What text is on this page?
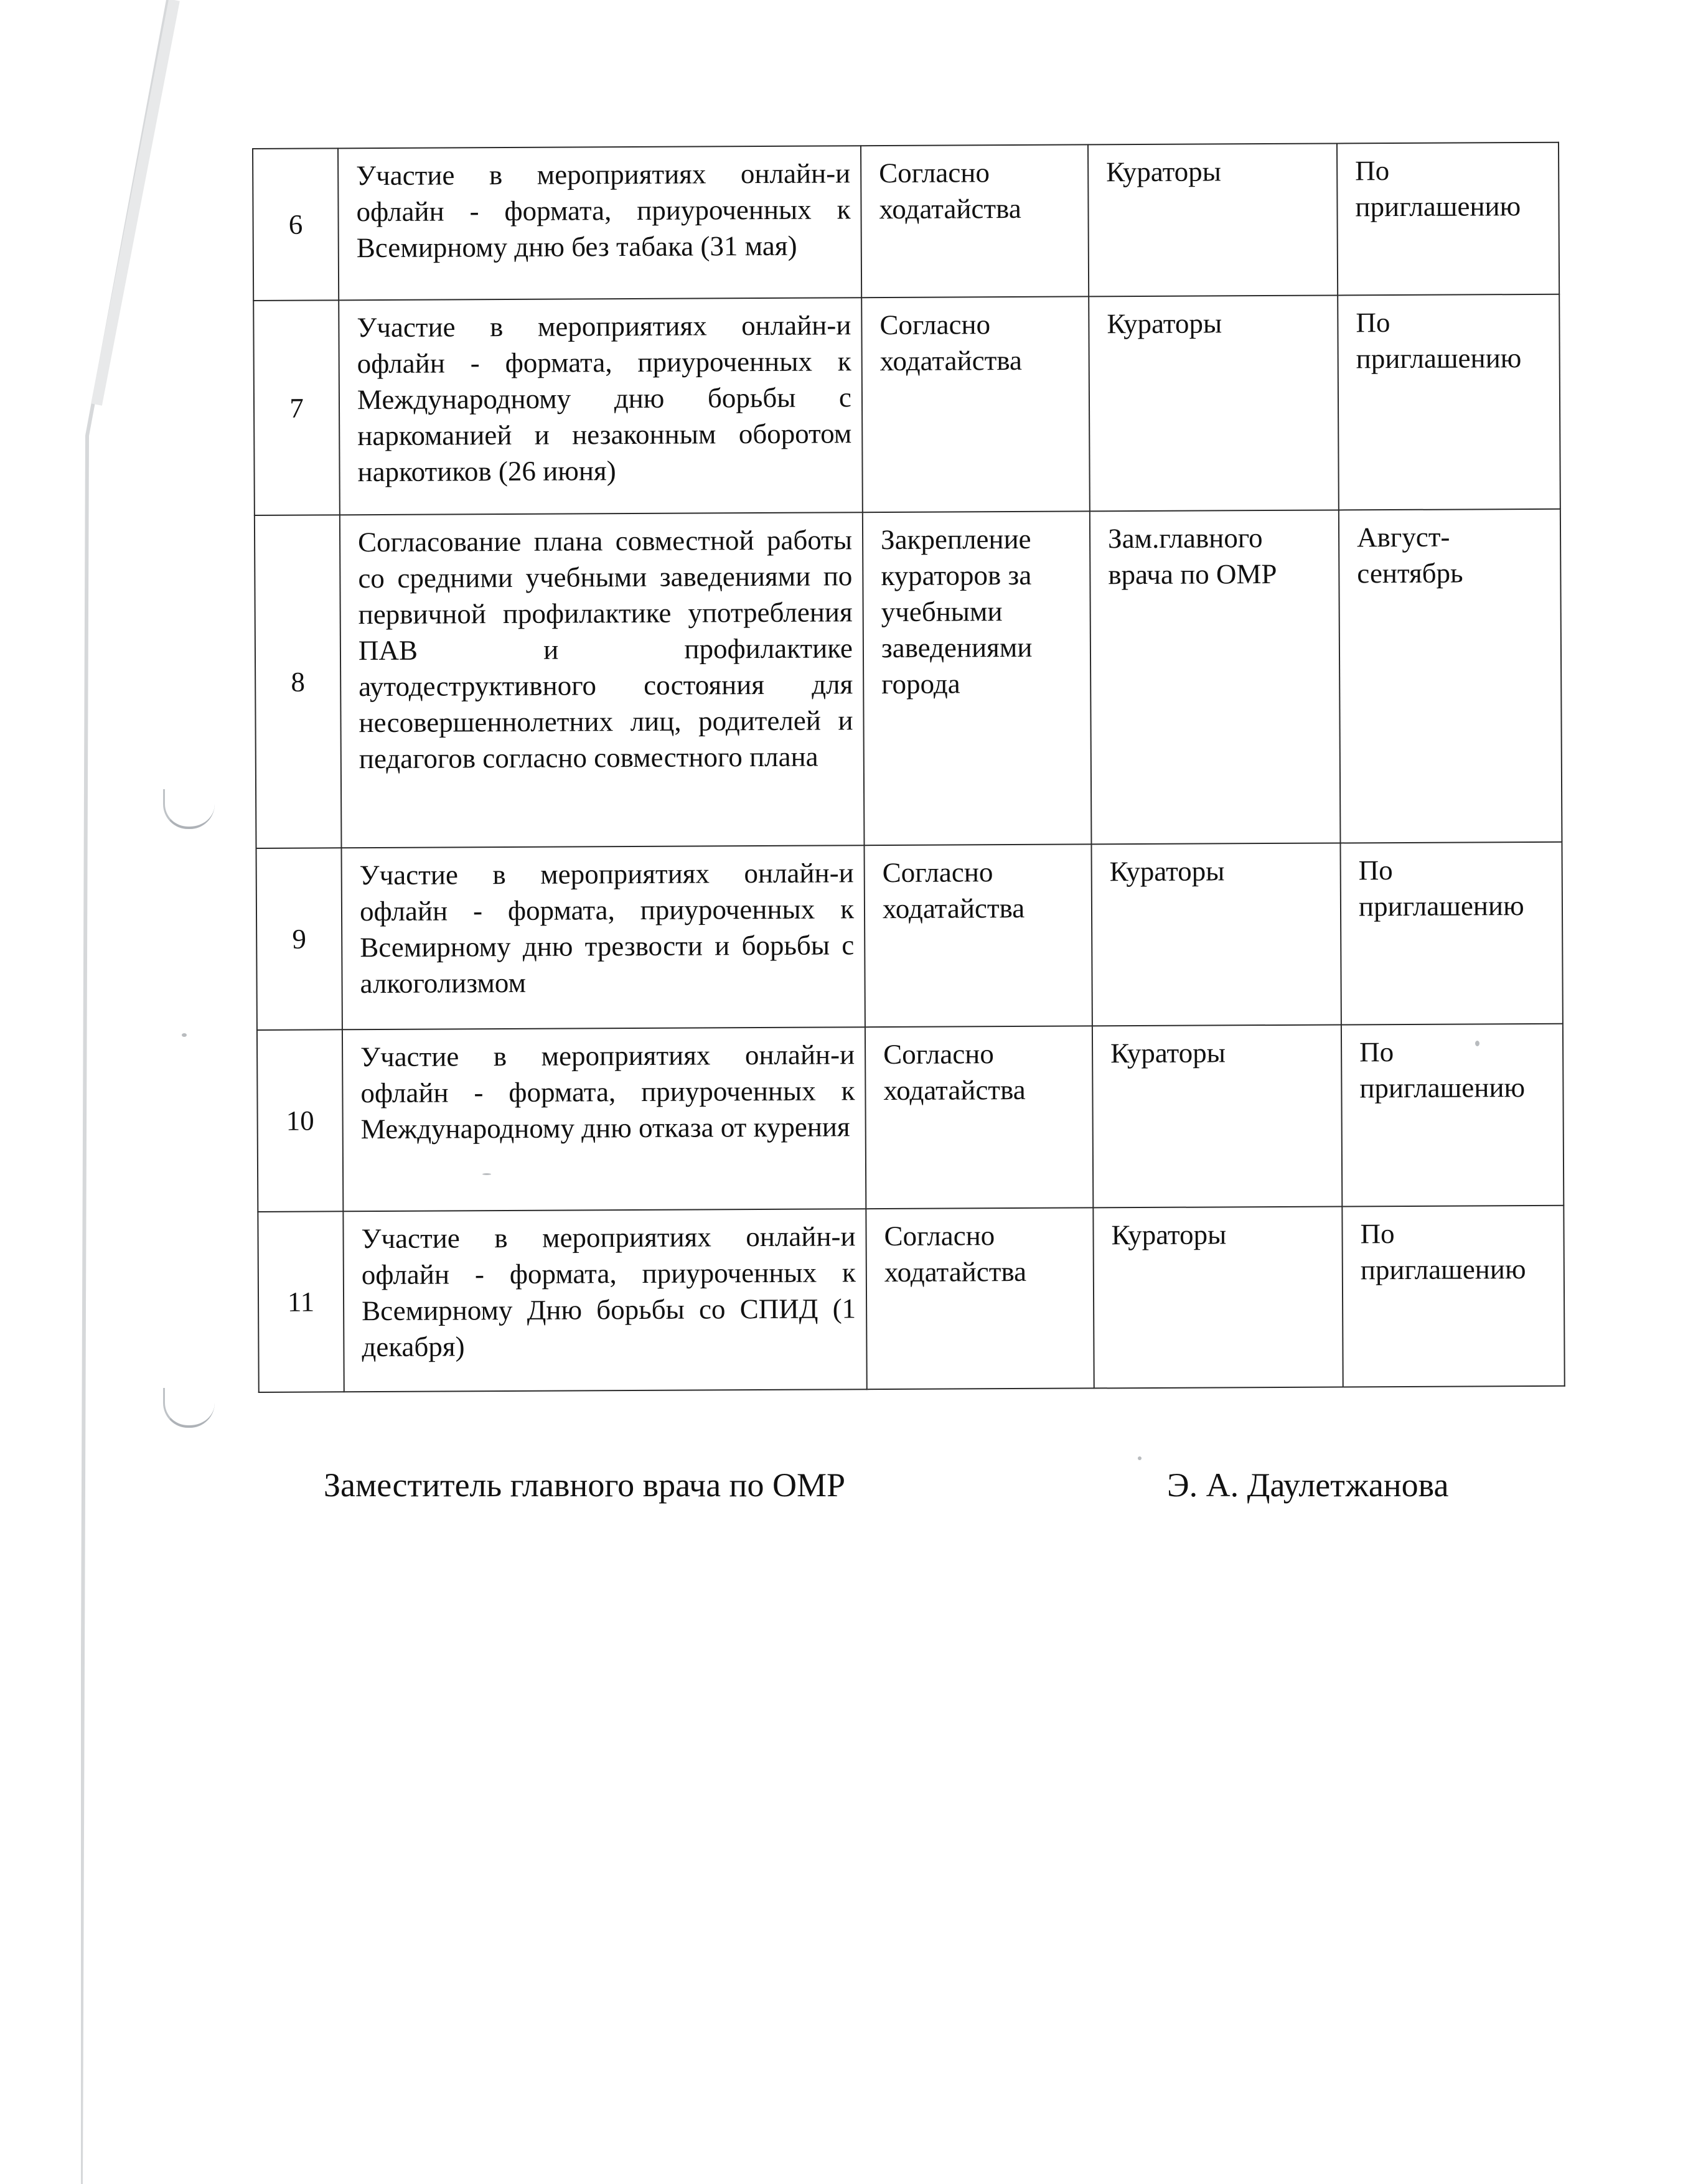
6	Участие в мероприятиях онлайн-и офлайн - формата, приуроченных к Всемирному дню без табака (31 мая)	Согласно ходатайства	Кураторы	По приглашению
7	Участие в мероприятиях онлайн-и офлайн - формата, приуроченных к Международному дню борьбы с наркоманией и незаконным оборотом наркотиков (26 июня)	Согласно ходатайства	Кураторы	По приглашению
8	Согласование плана совместной работы со средними учебными заведениями по первичной профилактике употребления ПАВ и профилактике аутодеструктивного состояния для несовершеннолетних лиц, родителей и педагогов согласно совместного плана	Закрепление кураторов за учебными заведениями города	Зам.главного врача по ОМР	Август-сентябрь
9	Участие в мероприятиях онлайн-и офлайн - формата, приуроченных к Всемирному дню трезвости и борьбы с алкоголизмом	Согласно ходатайства	Кураторы	По приглашению
10	Участие в мероприятиях онлайн-и офлайн - формата, приуроченных к Международному дню отказа от курения	Согласно ходатайства	Кураторы	По приглашению
11	Участие в мероприятиях онлайн-и офлайн - формата, приуроченных к Всемирному Дню борьбы со СПИД (1 декабря)	Согласно ходатайства	Кураторы	По приглашению
Заместитель главного врача по ОМР	Э. А. Даулетжанова
